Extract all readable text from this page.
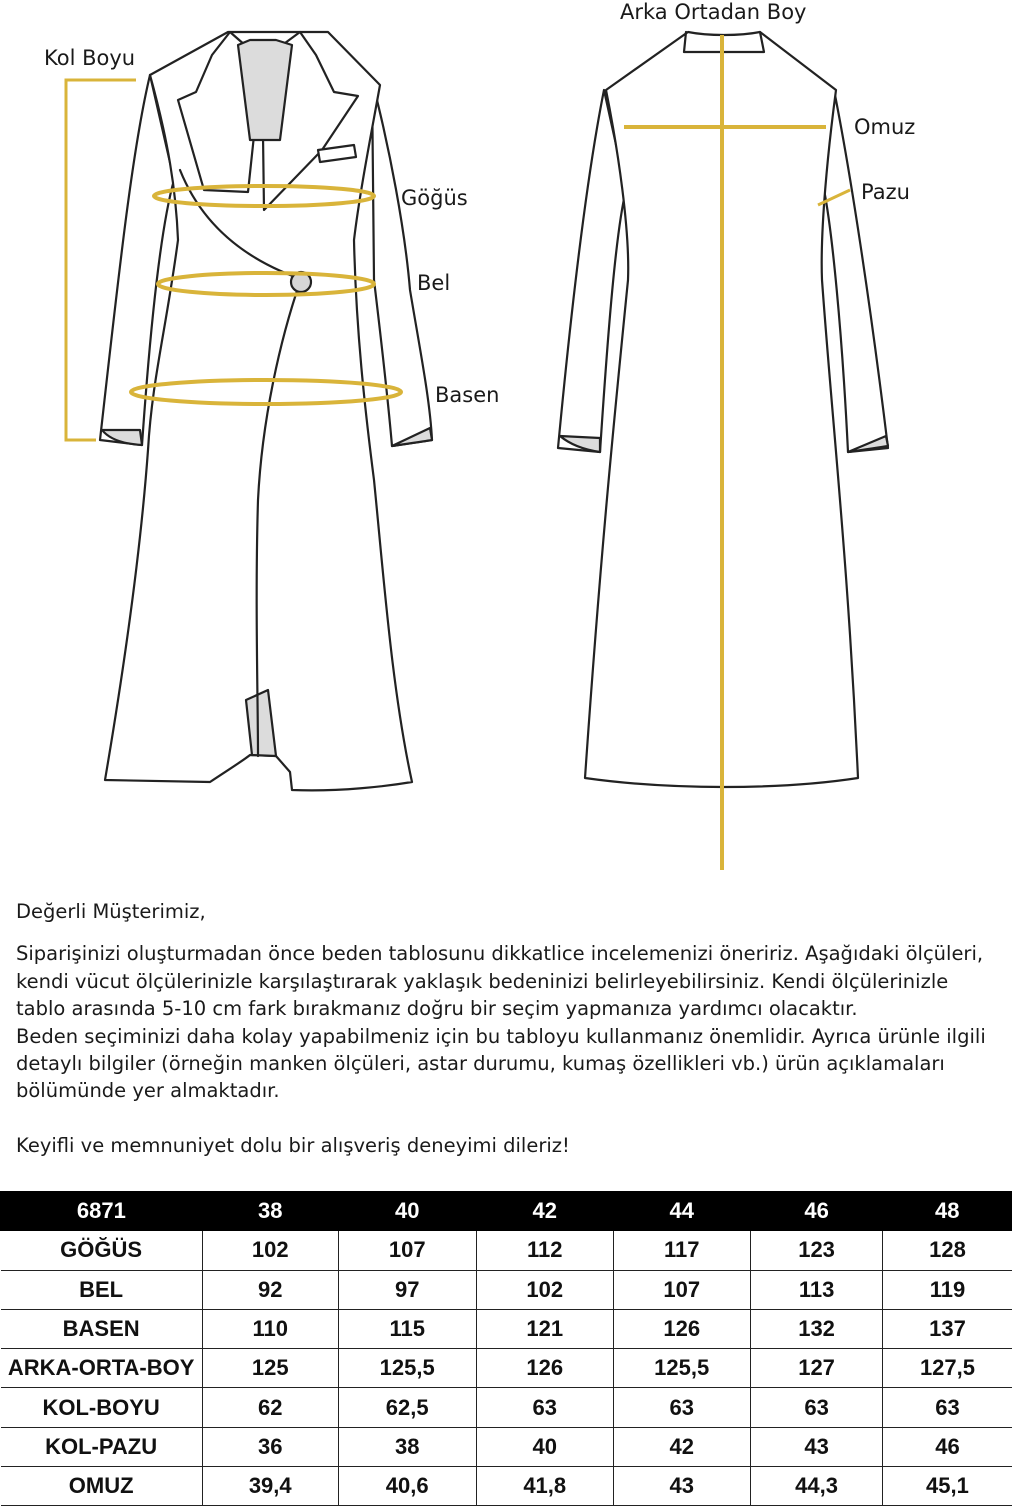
Kol Boyu
Göğüs
Bel
Basen
Arka Ortadan Boy
Omuz
Pazu

Değerli Müşterimiz,

Siparişinizi oluşturmadan önce beden tablosunu dikkatlice incelemenizi öneririz. Aşağıdaki ölçüleri, kendi vücut ölçülerinizle karşılaştırarak yaklaşık bedeninizi belirleyebilirsiniz. Kendi ölçülerinizle tablo arasında 5-10 cm fark bırakmanız doğru bir seçim yapmanıza yardımcı olacaktır.

Beden seçiminizi daha kolay yapabilmeniz için bu tabloyu kullanmanız önemlidir. Ayrıca ürünle ilgili detaylı bilgiler (örneğin manken ölçüleri, astar durumu, kumaş özellikleri vb.) ürün açıklamaları bölümünde yer almaktadır.

Keyifli ve memnuniyet dolu bir alışveriş deneyimi dileriz!

6871	38	40	42	44	46	48
GÖĞÜS	102	107	112	117	123	128
BEL	92	97	102	107	113	119
BASEN	110	115	121	126	132	137
ARKA-ORTA-BOY	125	125,5	126	125,5	127	127,5
KOL-BOYU	62	62,5	63	63	63	63
KOL-PAZU	36	38	40	42	43	46
OMUZ	39,4	40,6	41,8	43	44,3	45,1
